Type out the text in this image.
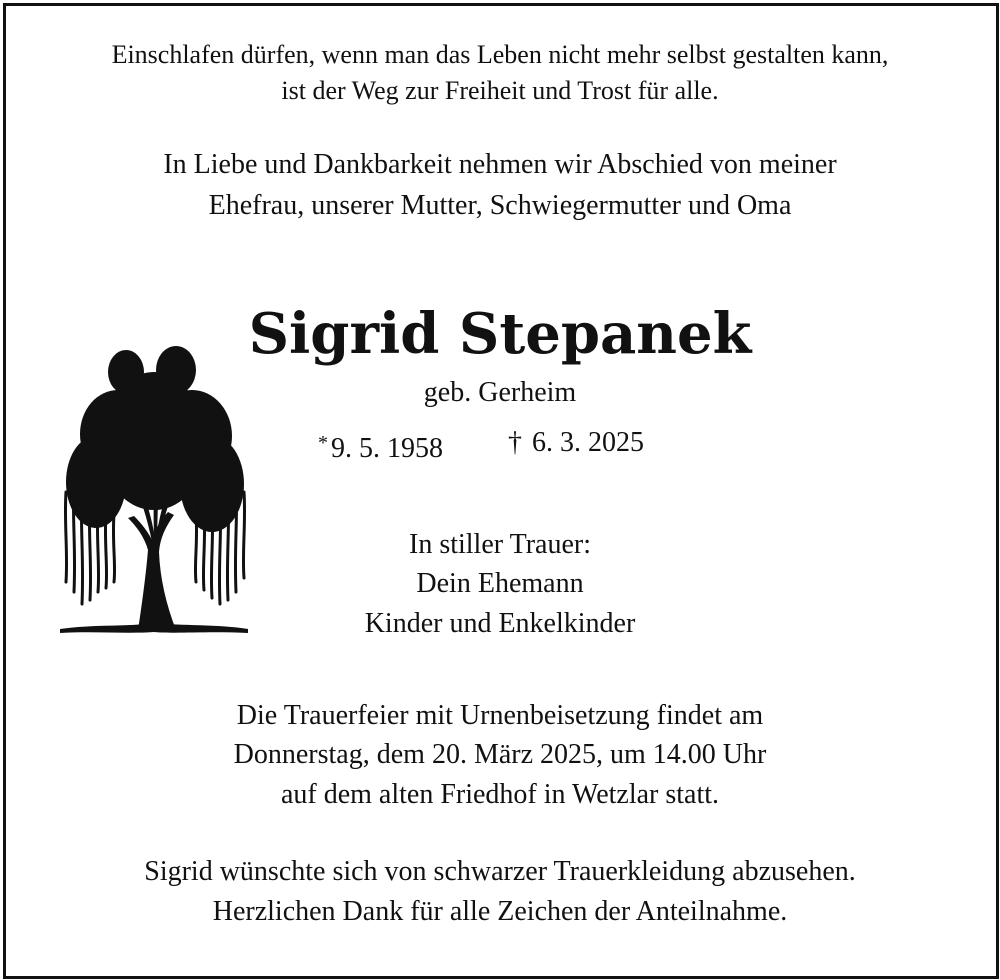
Einschlafen dürfen, wenn man das Leben nicht mehr selbst gestalten kann,
ist der Weg zur Freiheit und Trost für alle.
In Liebe und Dankbarkeit nehmen wir Abschied von meiner
Ehefrau, unserer Mutter, Schwiegermutter und Oma
Sigrid Stepanek
geb. Gerheim
* 9. 5. 1958 † 6. 3. 2025
In stiller Trauer:
Dein Ehemann
Kinder und Enkelkinder
Die Trauerfeier mit Urnenbeisetzung findet am
Donnerstag, dem 20. März 2025, um 14.00 Uhr
auf dem alten Friedhof in Wetzlar statt.
Sigrid wünschte sich von schwarzer Trauerkleidung abzusehen.
Herzlichen Dank für alle Zeichen der Anteilnahme.
